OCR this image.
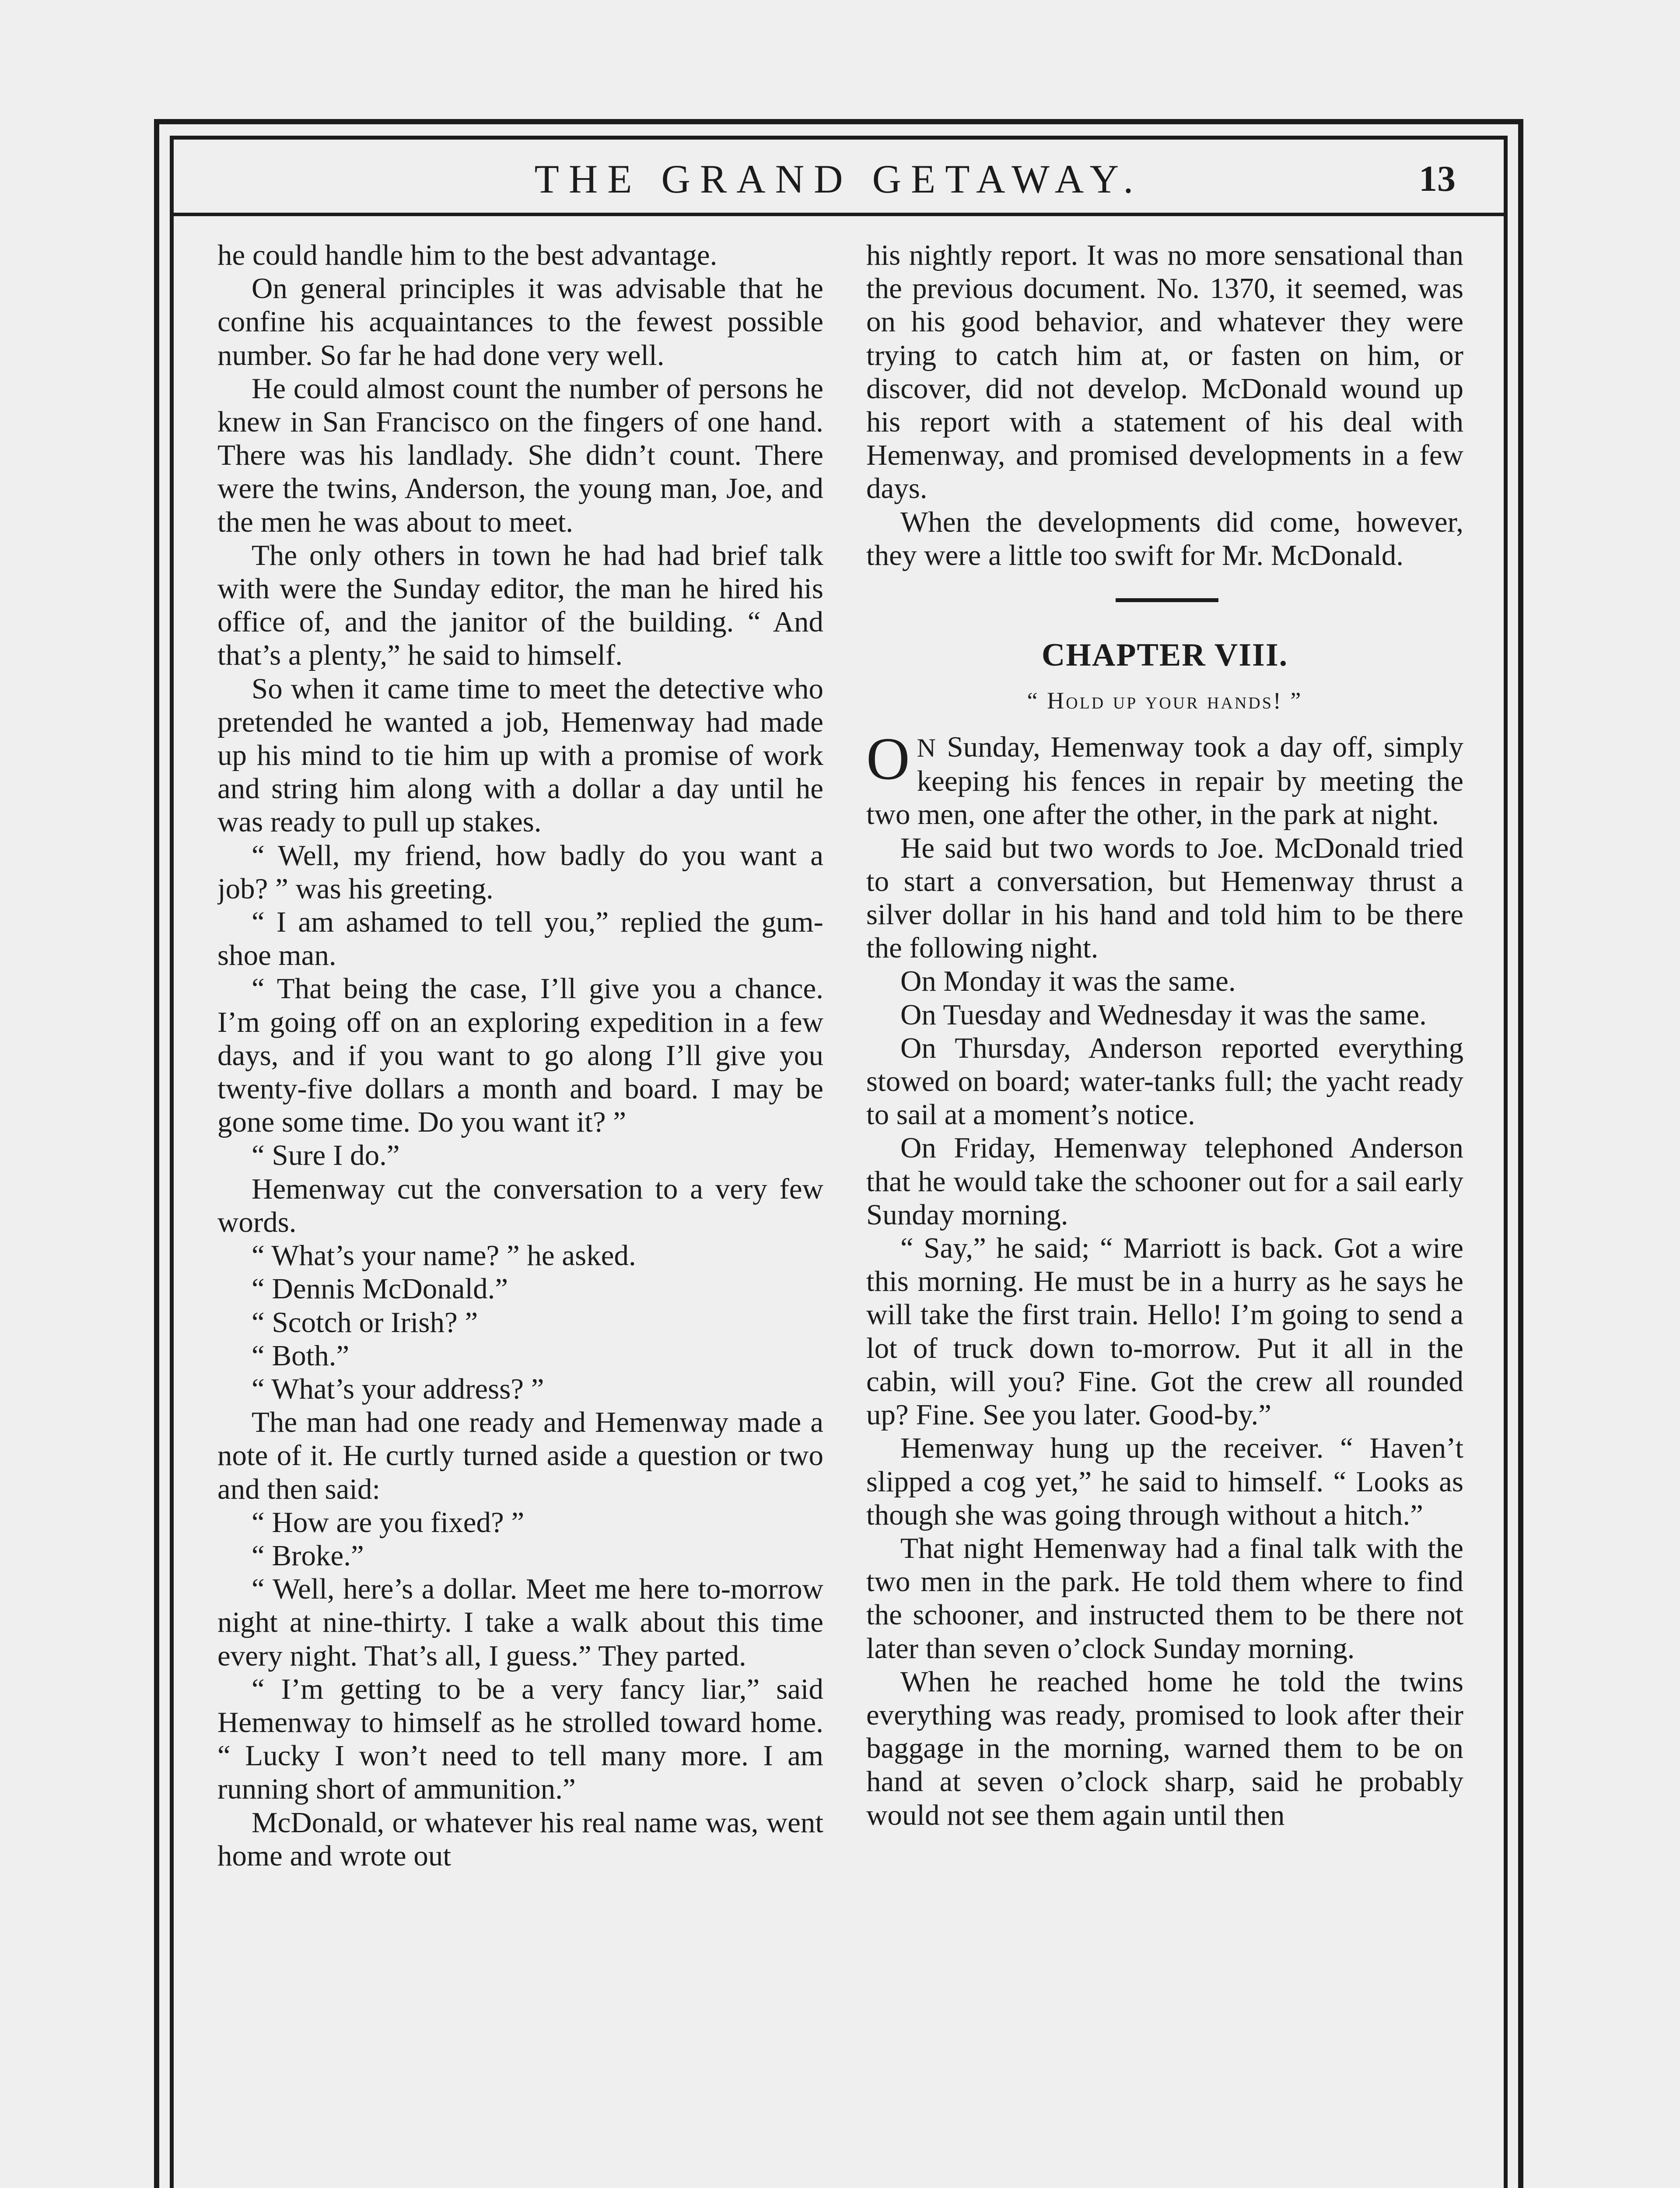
THE GRAND GETAWAY.	13

he could handle him to the best advantage.

On general principles it was advisable that he confine his acquaintances to the fewest possible number. So far he had done very well.

He could almost count the number of persons he knew in San Francisco on the fingers of one hand. There was his landlady. She didn’t count. There were the twins, Anderson, the young man, Joe, and the men he was about to meet.

The only others in town he had had brief talk with were the Sunday editor, the man he hired his office of, and the janitor of the building. “ And that’s a plenty,” he said to himself.

So when it came time to meet the detective who pretended he wanted a job, Hemenway had made up his mind to tie him up with a promise of work and string him along with a dollar a day until he was ready to pull up stakes.

“ Well, my friend, how badly do you want a job? ” was his greeting.

“ I am ashamed to tell you,” replied the gum-shoe man.

“ That being the case, I’ll give you a chance. I’m going off on an exploring expedition in a few days, and if you want to go along I’ll give you twenty-five dollars a month and board. I may be gone some time. Do you want it? ”

“ Sure I do.”

Hemenway cut the conversation to a very few words.

“ What’s your name? ” he asked.

“ Dennis McDonald.”

“ Scotch or Irish? ”

“ Both.”

“ What’s your address? ”

The man had one ready and Hemenway made a note of it. He curtly turned aside a question or two and then said:

“ How are you fixed? ”

“ Broke.”

“ Well, here’s a dollar. Meet me here to-morrow night at nine-thirty. I take a walk about this time every night. That’s all, I guess.” They parted.

“ I’m getting to be a very fancy liar,” said Hemenway to himself as he strolled toward home. “ Lucky I won’t need to tell many more. I am running short of ammunition.”

McDonald, or whatever his real name was, went home and wrote out

his nightly report. It was no more sensational than the previous document. No. 1370, it seemed, was on his good behavior, and whatever they were trying to catch him at, or fasten on him, or discover, did not develop. McDonald wound up his report with a statement of his deal with Hemenway, and promised developments in a few days.

When the developments did come, however, they were a little too swift for Mr. McDonald.

CHAPTER VIII.
“ Hold up your hands! ”

ON Sunday, Hemenway took a day off, simply keeping his fences in repair by meeting the two men, one after the other, in the park at night.

He said but two words to Joe. McDonald tried to start a conversation, but Hemenway thrust a silver dollar in his hand and told him to be there the following night.

On Monday it was the same.

On Tuesday and Wednesday it was the same.

On Thursday, Anderson reported everything stowed on board; water-tanks full; the yacht ready to sail at a moment’s notice.

On Friday, Hemenway telephoned Anderson that he would take the schooner out for a sail early Sunday morning.

“ Say,” he said; “ Marriott is back. Got a wire this morning. He must be in a hurry as he says he will take the first train. Hello! I’m going to send a lot of truck down to-morrow. Put it all in the cabin, will you? Fine. Got the crew all rounded up? Fine. See you later. Good-by.”

Hemenway hung up the receiver. “ Haven’t slipped a cog yet,” he said to himself. “ Looks as though she was going through without a hitch.”

That night Hemenway had a final talk with the two men in the park. He told them where to find the schooner, and instructed them to be there not later than seven o’clock Sunday morning.

When he reached home he told the twins everything was ready, promised to look after their baggage in the morning, warned them to be on hand at seven o’clock sharp, said he probably would not see them again until then
